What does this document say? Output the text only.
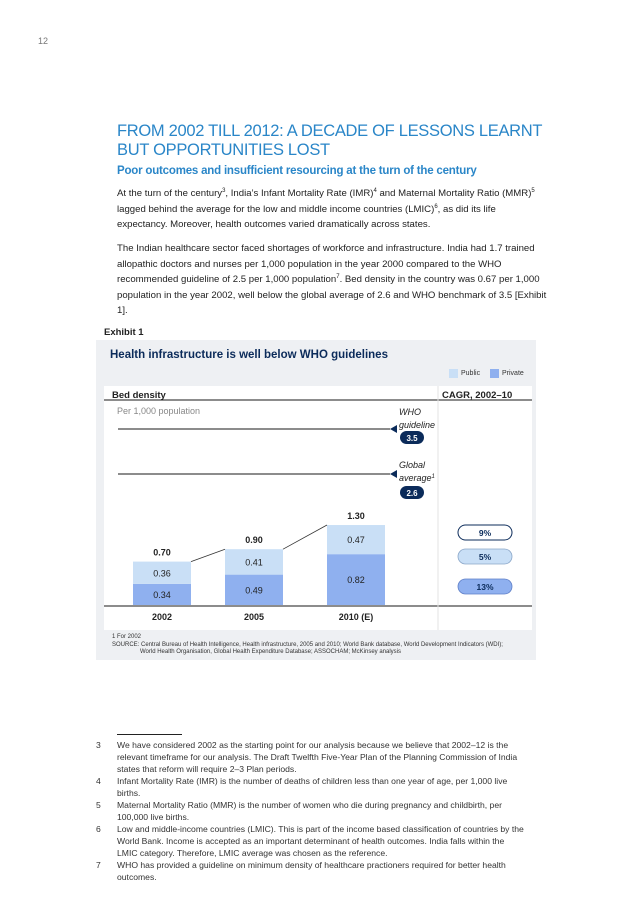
12
FROM 2002 TILL 2012: A DECADE OF LESSONS LEARNT BUT OPPORTUNITIES LOST
Poor outcomes and insufficient resourcing at the turn of the century
At the turn of the century$^3$, India’s Infant Mortality Rate (IMR)$^4$ and Maternal Mortality Ratio (MMR)$^5$ lagged behind the average for the low and middle income countries (LMIC)$^6$, as did its life expectancy. Moreover, health outcomes varied dramatically across states.
The Indian healthcare sector faced shortages of workforce and infrastructure. India had 1.7 trained allopathic doctors and nurses per 1,000 population in the year 2000 compared to the WHO recommended guideline of 2.5 per 1,000 population$^7$. Bed density in the country was 0.67 per 1,000 population in the year 2002, well below the global average of 2.6 and WHO benchmark of 3.5 [Exhibit 1].
Exhibit 1
Health infrastructure is well below WHO guidelines
Public	Private
Bed density	CAGR, 2002–10
Per 1,000 population	WHO
guideline
3.5
Global
average$^1$
2.6
0.34
0.36
0.70
2002
0.49
0.41
0.90
2005
0.82
0.47
1.30
2010 (E)
9%
5%
13%
1 For 2002
SOURCE: Central Bureau of Health Intelligence, Health infrastructure, 2005 and 2010; World Bank database, World Development Indicators (WDI);
World Health Organisation, Global Health Expenditure Database; ASSOCHAM; McKinsey analysis
3 We have considered 2002 as the starting point for our analysis because we believe that 2002–12 is the relevant timeframe for our analysis. The Draft Twelfth Five-Year Plan of the Planning Commission of India states that reform will require 2–3 Plan periods.
4 Infant Mortality Rate (IMR) is the number of deaths of children less than one year of age, per 1,000 live births.
5 Maternal Mortality Ratio (MMR) is the number of women who die during pregnancy and childbirth, per 100,000 live births.
6 Low and middle-income countries (LMIC). This is part of the income based classification of countries by the World Bank. Income is accepted as an important determinant of health outcomes. India falls within the LMIC category. Therefore, LMIC average was chosen as the reference.
7 WHO has provided a guideline on minimum density of healthcare practioners required for better health outcomes.
